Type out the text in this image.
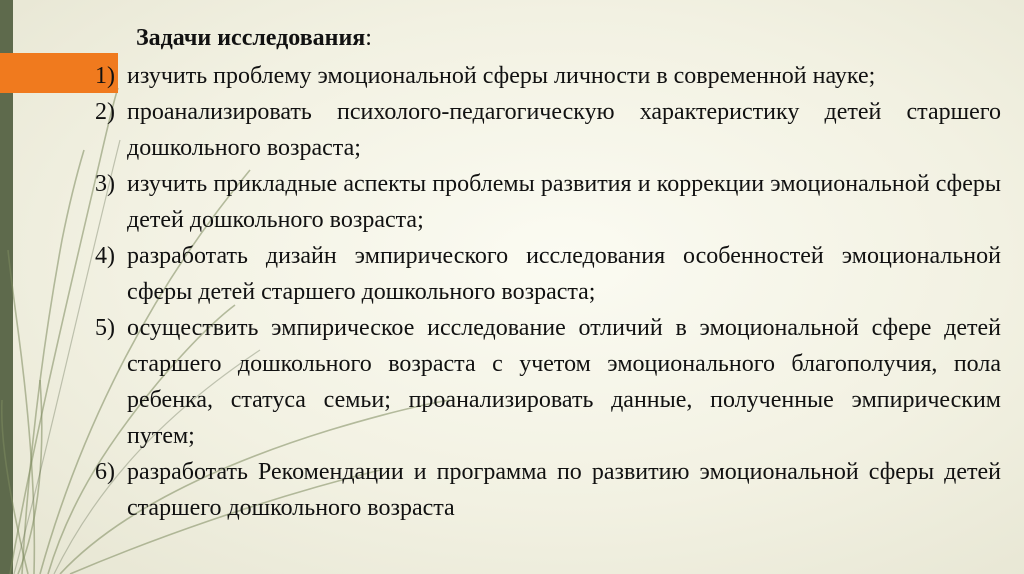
Задачи исследования:
1) изучить проблему эмоциональной сферы личности в современной науке;
2) проанализировать психолого-педагогическую характеристику детей старшего дошкольного возраста;
3) изучить прикладные аспекты проблемы развития и коррекции эмоциональной сферы детей дошкольного возраста;
4) разработать дизайн эмпирического исследования особенностей эмоциональной сферы детей старшего дошкольного возраста;
5) осуществить эмпирическое исследование отличий в эмоциональной сфере детей старшего дошкольного возраста с учетом эмоционального благополучия, пола ребенка, статуса семьи; проанализировать данные, полученные эмпирическим путем;
6) разработать Рекомендации и программа по развитию эмоциональной сферы детей старшего дошкольного возраста
